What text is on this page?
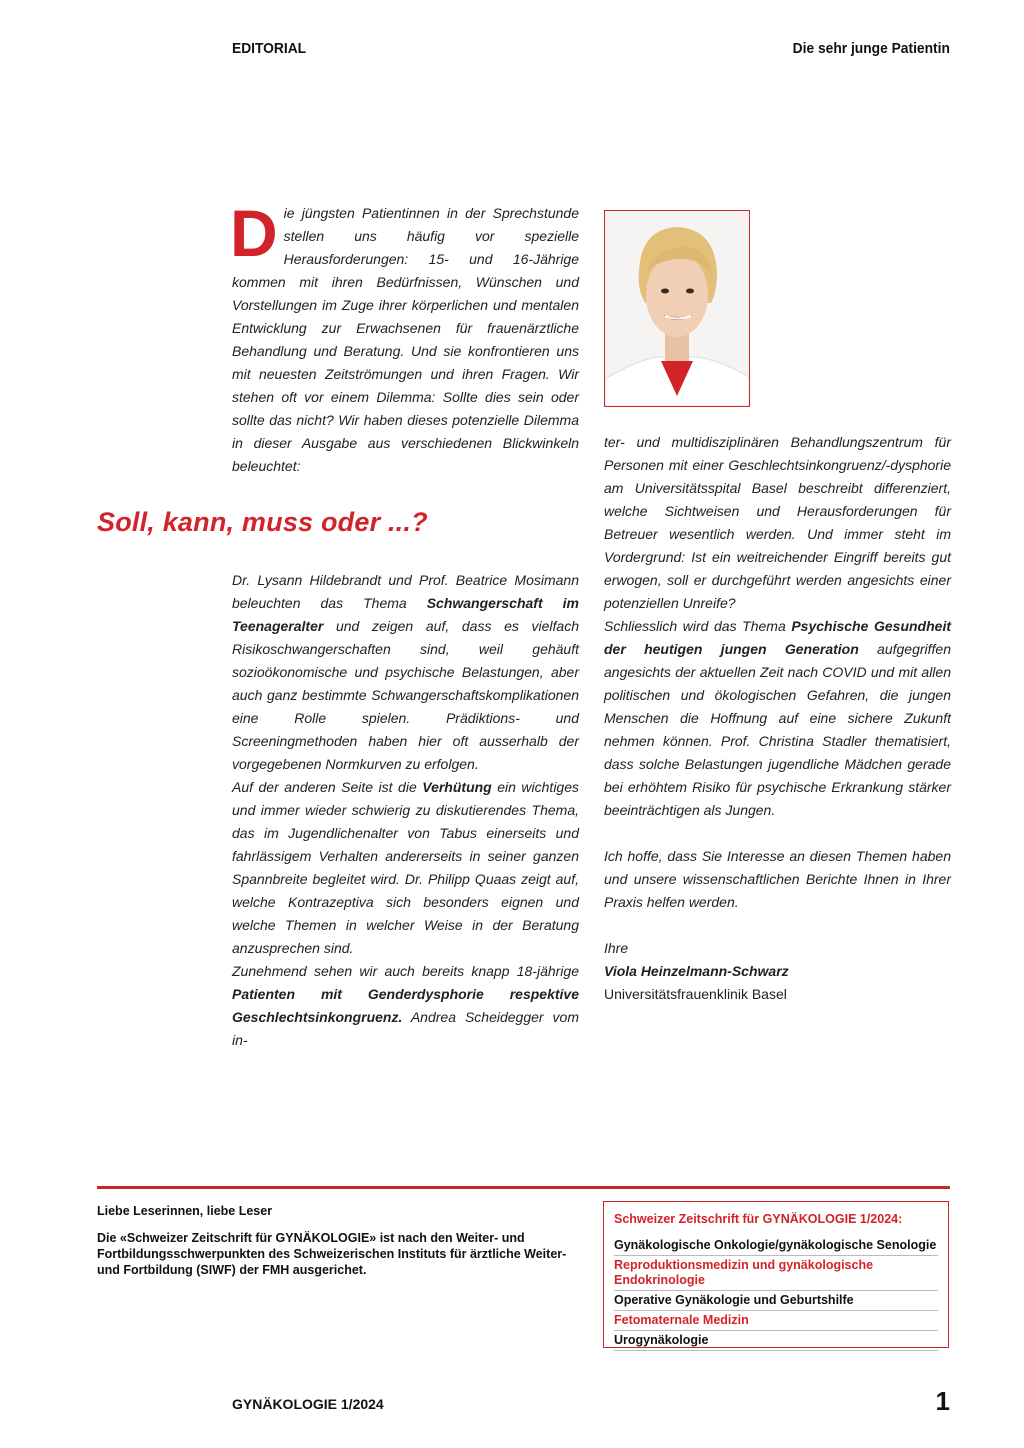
EDITORIAL	Die sehr junge Patientin
Die jüngsten Patientinnen in der Sprechstunde stellen uns häufig vor spezielle Herausforderungen: 15- und 16-Jährige kommen mit ihren Bedürfnissen, Wünschen und Vorstellungen im Zuge ihrer körperlichen und mentalen Entwicklung zur Erwachsenen für frauenärztliche Behandlung und Beratung. Und sie konfrontieren uns mit neuesten Zeitströmungen und ihren Fragen. Wir stehen oft vor einem Dilemma: Sollte dies sein oder sollte das nicht? Wir haben dieses potenzielle Dilemma in dieser Ausgabe aus verschiedenen Blickwinkeln beleuchtet:
Soll, kann, muss oder ...?

Dr. Lysann Hildebrandt und Prof. Beatrice Mosimann beleuchten das Thema Schwangerschaft im Teenageralter und zeigen auf, dass es vielfach Risikoschwangerschaften sind, weil gehäuft sozioökonomische und psychische Belastungen, aber auch ganz bestimmte Schwangerschaftskomplikationen eine Rolle spielen. Prädiktions- und Screeningmethoden haben hier oft ausserhalb der vorgegebenen Normkurven zu erfolgen.

Auf der anderen Seite ist die Verhütung ein wichtiges und immer wieder schwierig zu diskutierendes Thema, das im Jugendlichenalter von Tabus einerseits und fahrlässigem Verhalten andererseits in seiner ganzen Spannbreite begleitet wird. Dr. Philipp Quaas zeigt auf, welche Kontrazeptiva sich besonders eignen und welche Themen in welcher Weise in der Beratung anzusprechen sind.

Zunehmend sehen wir auch bereits knapp 18-jährige Patienten mit Genderdysphorie respektive Geschlechtsinkongruenz. Andrea Scheidegger vom in-

ter- und multidisziplinären Behandlungszentrum für Personen mit einer Geschlechtsinkongruenz/-dysphorie am Universitätsspital Basel beschreibt differenziert, welche Sichtweisen und Herausforderungen für Betreuer wesentlich werden. Und immer steht im Vordergrund: Ist ein weitreichender Eingriff bereits gut erwogen, soll er durchgeführt werden angesichts einer potenziellen Unreife?

Schliesslich wird das Thema Psychische Gesundheit der heutigen jungen Generation aufgegriffen angesichts der aktuellen Zeit nach COVID und mit allen politischen und ökologischen Gefahren, die jungen Menschen die Hoffnung auf eine sichere Zukunft nehmen können. Prof. Christina Stadler thematisiert, dass solche Belastungen jugendliche Mädchen gerade bei erhöhtem Risiko für psychische Erkrankung stärker beeinträchtigen als Jungen.

Ich hoffe, dass Sie Interesse an diesen Themen haben und unsere wissenschaftlichen Berichte Ihnen in Ihrer Praxis helfen werden.

Ihre

Viola Heinzelmann-Schwarz

Universitätsfrauenklinik Basel

Liebe Leserinnen, liebe Leser
Die «Schweizer Zeitschrift für GYNÄKOLOGIE» ist nach den Weiter- und Fortbildungsschwerpunkten des Schweizerischen Instituts für ärztliche Weiter- und Fortbildung (SIWF) der FMH ausgerichet.
Schweizer Zeitschrift für GYNÄKOLOGIE 1/2024:
Gynäkologische Onkologie/gynäkologische Senologie
Reproduktionsmedizin und gynäkologische Endokrinologie
Operative Gynäkologie und Geburtshilfe
Fetomaternale Medizin
Urogynäkologie
GYNÄKOLOGIE 1/2024	1
